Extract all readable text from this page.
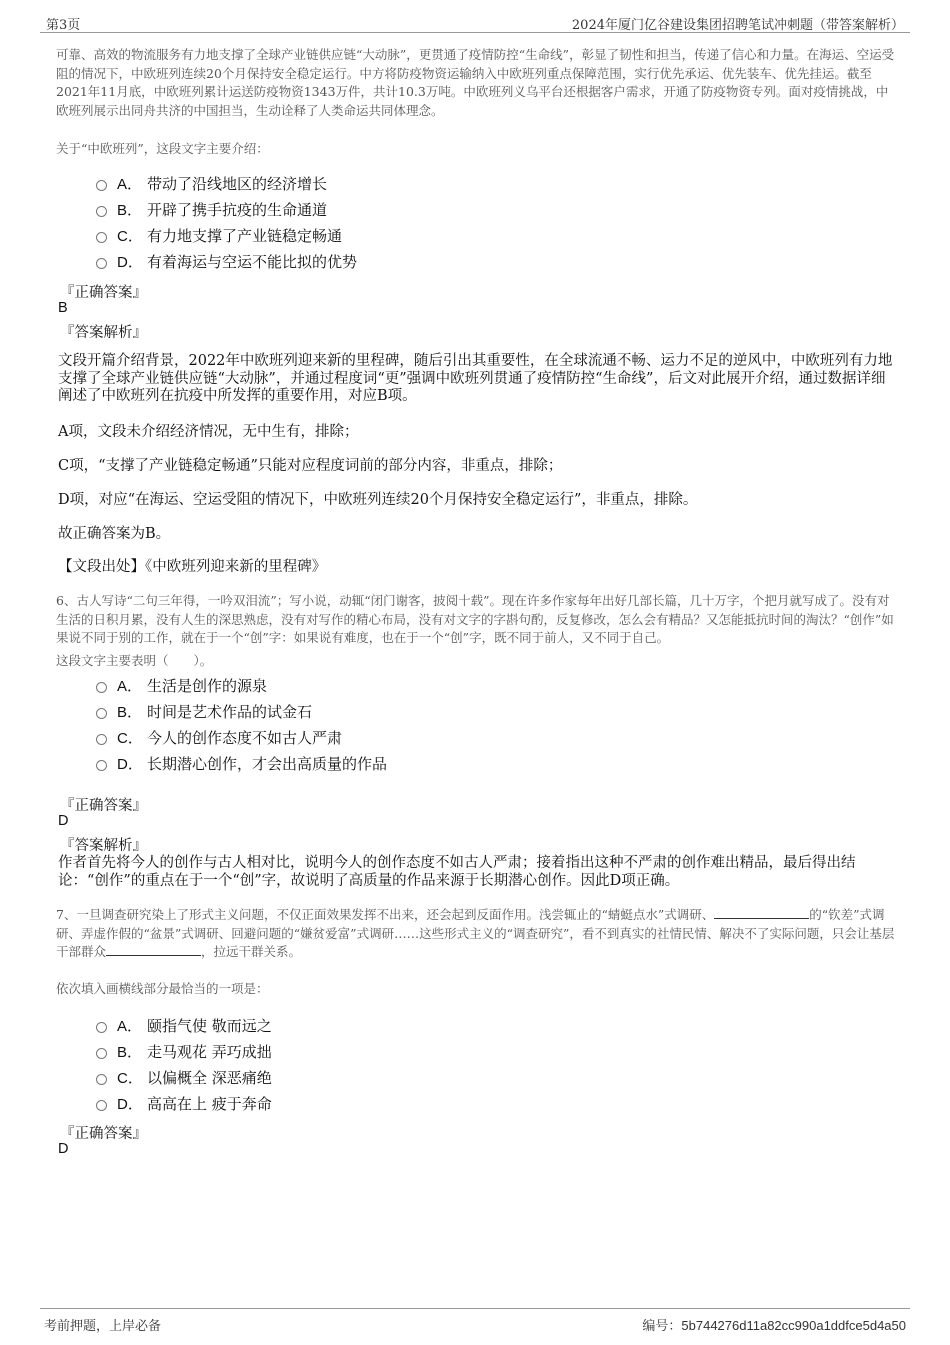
第3页	2024年厦门亿谷建设集团招聘笔试冲刺题（带答案解析）

可靠、高效的物流服务有力地支撑了全球产业链供应链“大动脉”，更贯通了疫情防控“生命线”，彰显了韧性和担当，传递了信心和力量。在海运、空运受阻的情况下，中欧班列连续20个月保持安全稳定运行。中方将防疫物资运输纳入中欧班列重点保障范围，实行优先承运、优先装车、优先挂运。截至2021年11月底，中欧班列累计运送防疫物资1343万件，共计10.3万吨。中欧班列义乌平台还根据客户需求，开通了防疫物资专列。面对疫情挑战，中欧班列展示出同舟共济的中国担当，生动诠释了人类命运共同体理念。

关于“中欧班列”，这段文字主要介绍：

A． 带动了沿线地区的经济增长
B． 开辟了携手抗疫的生命通道
C． 有力地支撑了产业链稳定畅通
D． 有着海运与空运不能比拟的优势
『正确答案』
B
『答案解析』

文段开篇介绍背景，2022年中欧班列迎来新的里程碑，随后引出其重要性，在全球流通不畅、运力不足的逆风中，中欧班列有力地支撑了全球产业链供应链“大动脉”，并通过程度词“更”强调中欧班列贯通了疫情防控“生命线”，后文对此展开介绍，通过数据详细阐述了中欧班列在抗疫中所发挥的重要作用，对应B项。

A项，文段未介绍经济情况，无中生有，排除；

C项，“支撑了产业链稳定畅通”只能对应程度词前的部分内容，非重点，排除；

D项，对应“在海运、空运受阻的情况下，中欧班列连续20个月保持安全稳定运行”，非重点，排除。

故正确答案为B。

【文段出处】《中欧班列迎来新的里程碑》

6、古人写诗“二句三年得，一吟双泪流”；写小说，动辄“闭门谢客，披阅十载”。现在许多作家每年出好几部长篇，几十万字，个把月就写成了。没有对生活的日积月累，没有人生的深思熟虑，没有对写作的精心布局，没有对文字的字斟句酌，反复修改，怎么会有精品？又怎能抵抗时间的淘汰？“创作”如果说不同于别的工作，就在于一个“创”字：如果说有难度，也在于一个“创”字，既不同于前人，又不同于自己。

这段文字主要表明（　　）。

A． 生活是创作的源泉
B． 时间是艺术作品的试金石
C． 今人的创作态度不如古人严肃
D． 长期潜心创作，才会出高质量的作品
『正确答案』
D
『答案解析』

作者首先将今人的创作与古人相对比，说明今人的创作态度不如古人严肃；接着指出这种不严肃的创作难出精品，最后得出结论：“创作”的重点在于一个“创”字，故说明了高质量的作品来源于长期潜心创作。因此D项正确。

7、一旦调查研究染上了形式主义问题，不仅正面效果发挥不出来，还会起到反面作用。浅尝辄止的“蜻蜓点水”式调研、	的“钦差”式调研、弄虚作假的“盆景”式调研、回避问题的“嫌贫爱富”式调研……这些形式主义的“调查研究”，看不到真实的社情民情、解决不了实际问题，只会让基层干部群众	，拉远干群关系。

依次填入画横线部分最恰当的一项是：

A． 颐指气使 敬而远之
B． 走马观花 弄巧成拙
C． 以偏概全 深恶痛绝
D． 高高在上 疲于奔命
『正确答案』
D
考前押题，上岸必备	编号：5b744276d11a82cc990a1ddfce5d4a50
